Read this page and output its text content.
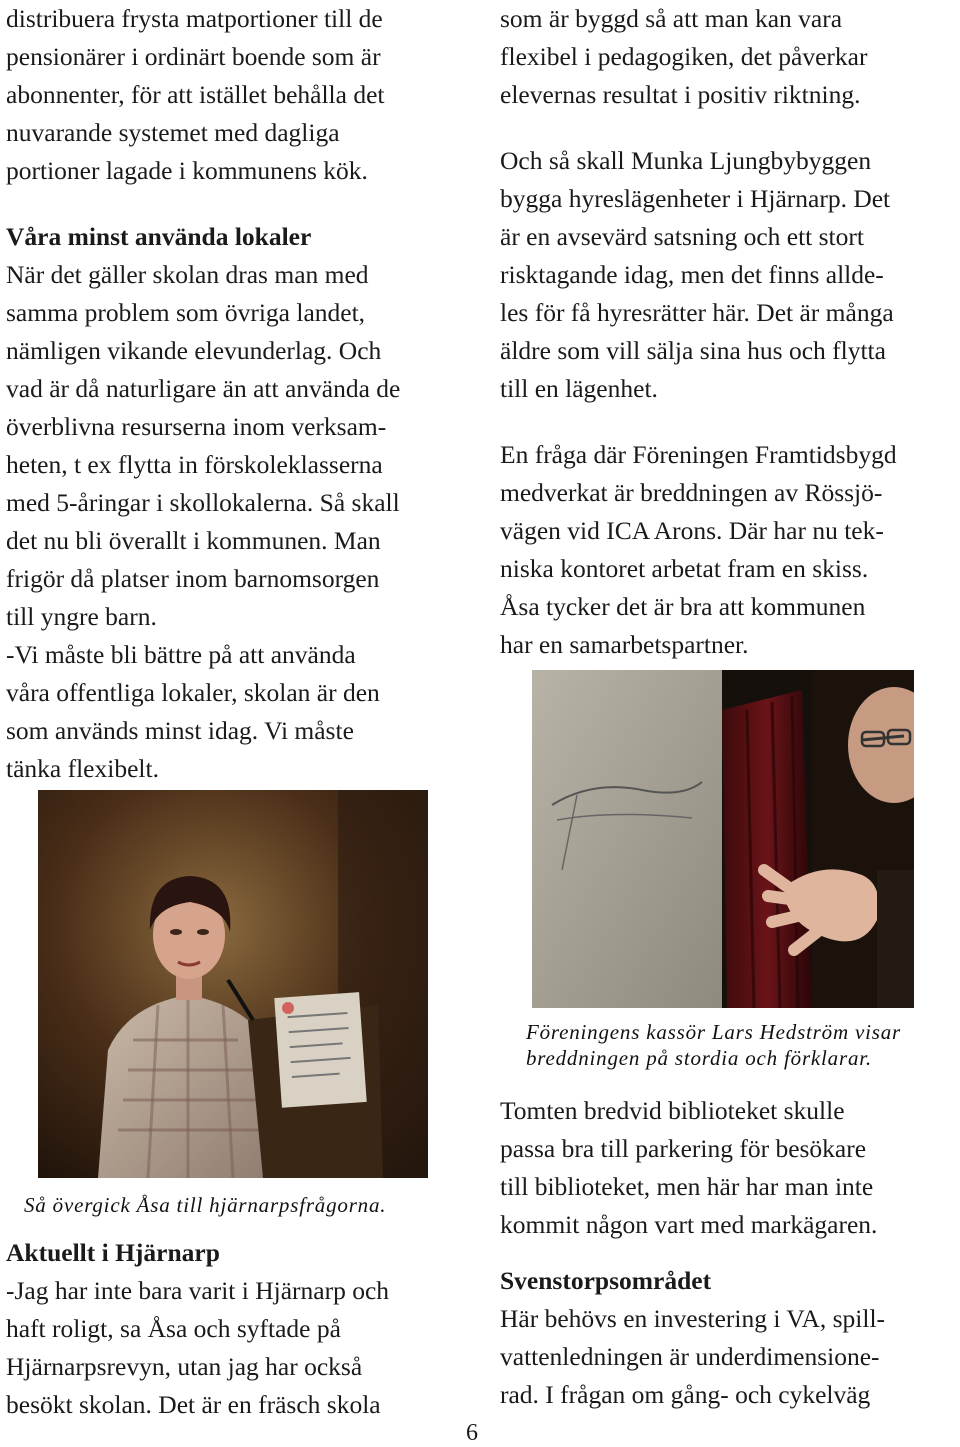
distribuera frysta matportioner till de
pensionärer i ordinärt boende som är
abonnenter, för att istället behålla det
nuvarande systemet med dagliga
portioner lagade i kommunens kök.

Våra minst använda lokaler

När det gäller skolan dras man med
samma problem som övriga landet,
nämligen vikande elevunderlag. Och
vad är då naturligare än att använda de
överblivna resurserna inom verksam-
heten, t ex flytta in förskoleklasserna
med 5-åringar i skollokalerna. Så skall
det nu bli överallt i kommunen. Man
frigör då platser inom barnomsorgen
till yngre barn.
-Vi måste bli bättre på att använda
våra offentliga lokaler, skolan är den
som används minst idag. Vi måste
tänka flexibelt.

Så övergick Åsa till hjärnarpsfrågorna.
Aktuellt i Hjärnarp

-Jag har inte bara varit i Hjärnarp och
haft roligt, sa Åsa och syftade på
Hjärnarpsrevyn, utan jag har också
besökt skolan. Det är en fräsch skola

som är byggd så att man kan vara
flexibel i pedagogiken, det påverkar
elevernas resultat i positiv riktning.

Och så skall Munka Ljungbybyggen
bygga hyreslägenheter i Hjärnarp. Det
är en avsevärd satsning och ett stort
risktagande idag, men det finns allde-
les för få hyresrätter här. Det är många
äldre som vill sälja sina hus och flytta
till en lägenhet.

En fråga där Föreningen Framtidsbygd
medverkat är breddningen av Rössjö-
vägen vid ICA Arons. Där har nu tek-
niska kontoret arbetat fram en skiss.
Åsa tycker det är bra att kommunen
har en samarbetspartner.

Föreningens kassör Lars Hedström visar
breddningen på stordia och förklarar.

Tomten bredvid biblioteket skulle
passa bra till parkering för besökare
till biblioteket, men här har man inte
kommit någon vart med markägaren.

Svenstorpsområdet

Här behövs en investering i VA, spill-
vattenledningen är underdimensione-
rad. I frågan om gång- och cykelväg

6
